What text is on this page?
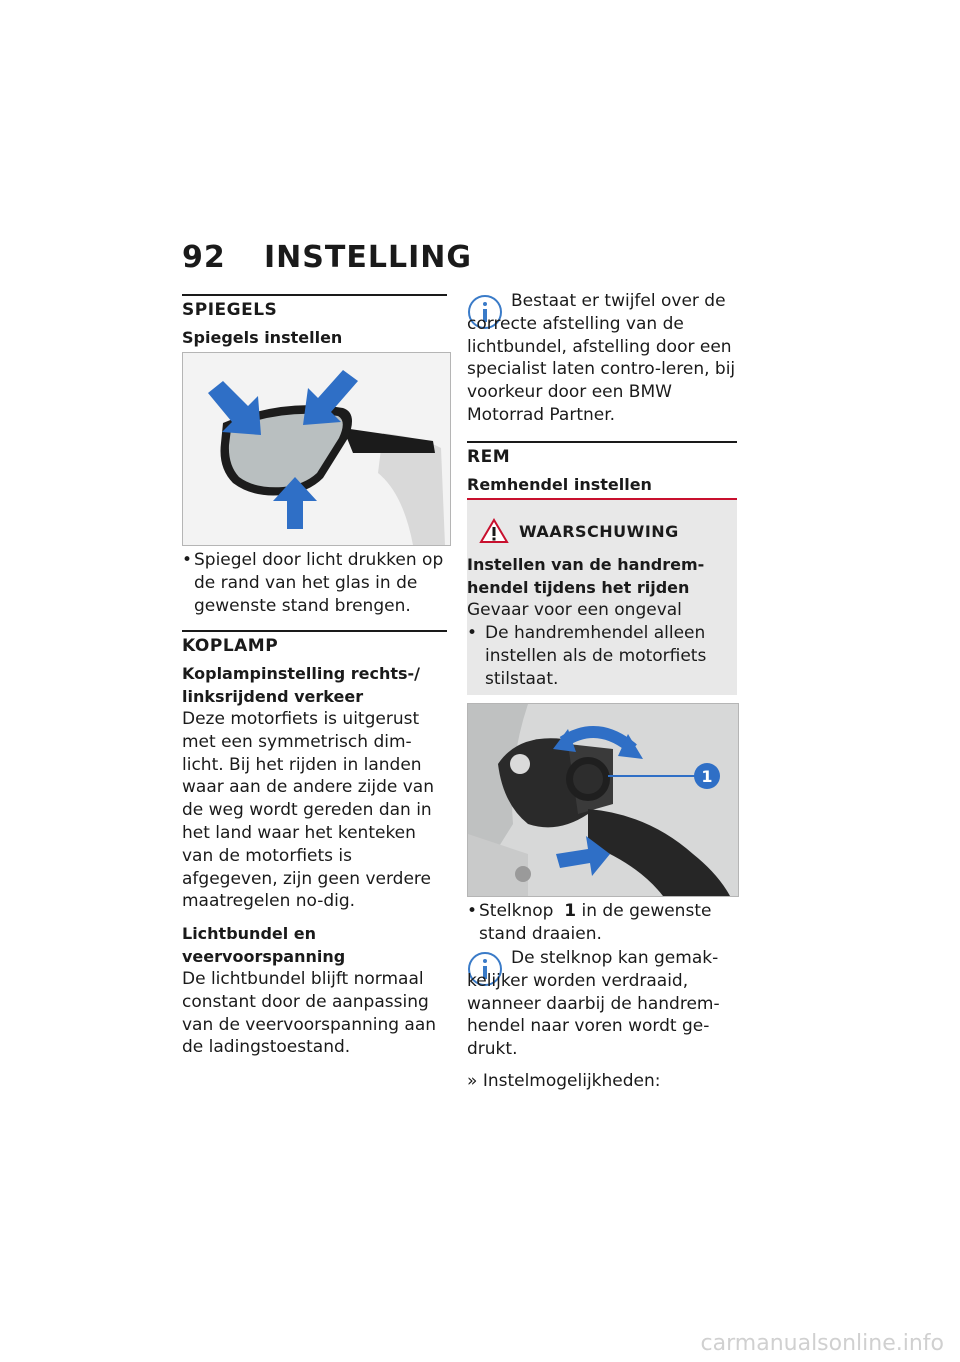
92 INSTELLING
SPIEGELS
Spiegels instellen
• Spiegel door licht drukken op de rand van het glas in de gewenste stand brengen.
KOPLAMP
Koplampinstelling rechts-/ linksrijdend verkeer
Deze motorfiets is uitgerust met een symmetrisch dim-licht. Bij het rijden in landen waar aan de andere zijde van de weg wordt gereden dan in het land waar het kenteken van de motorfiets is afgegeven, zijn geen verdere maatregelen no-dig.
Lichtbundel en veervoorspanning
De lichtbundel blijft normaal constant door de aanpassing van de veervoorspanning aan de ladingstoestand.
Bestaat er twijfel over de correcte afstelling van de lichtbundel, afstelling door een specialist laten contro-leren, bij voorkeur door een BMW Motorrad Partner.
REM
Remhendel instellen
WAARSCHUWING
Instellen van de handrem-hendel tijdens het rijden
Gevaar voor een ongeval
• De handremhendel alleen instellen als de motorfiets stilstaat.
1
• Stelknop 1 in de gewenste stand draaien.
De stelknop kan gemak-kelijker worden verdraaid, wanneer daarbij de handrem-hendel naar voren wordt ge-drukt.
» Instelmogelijkheden:
carmanualsonline.info
